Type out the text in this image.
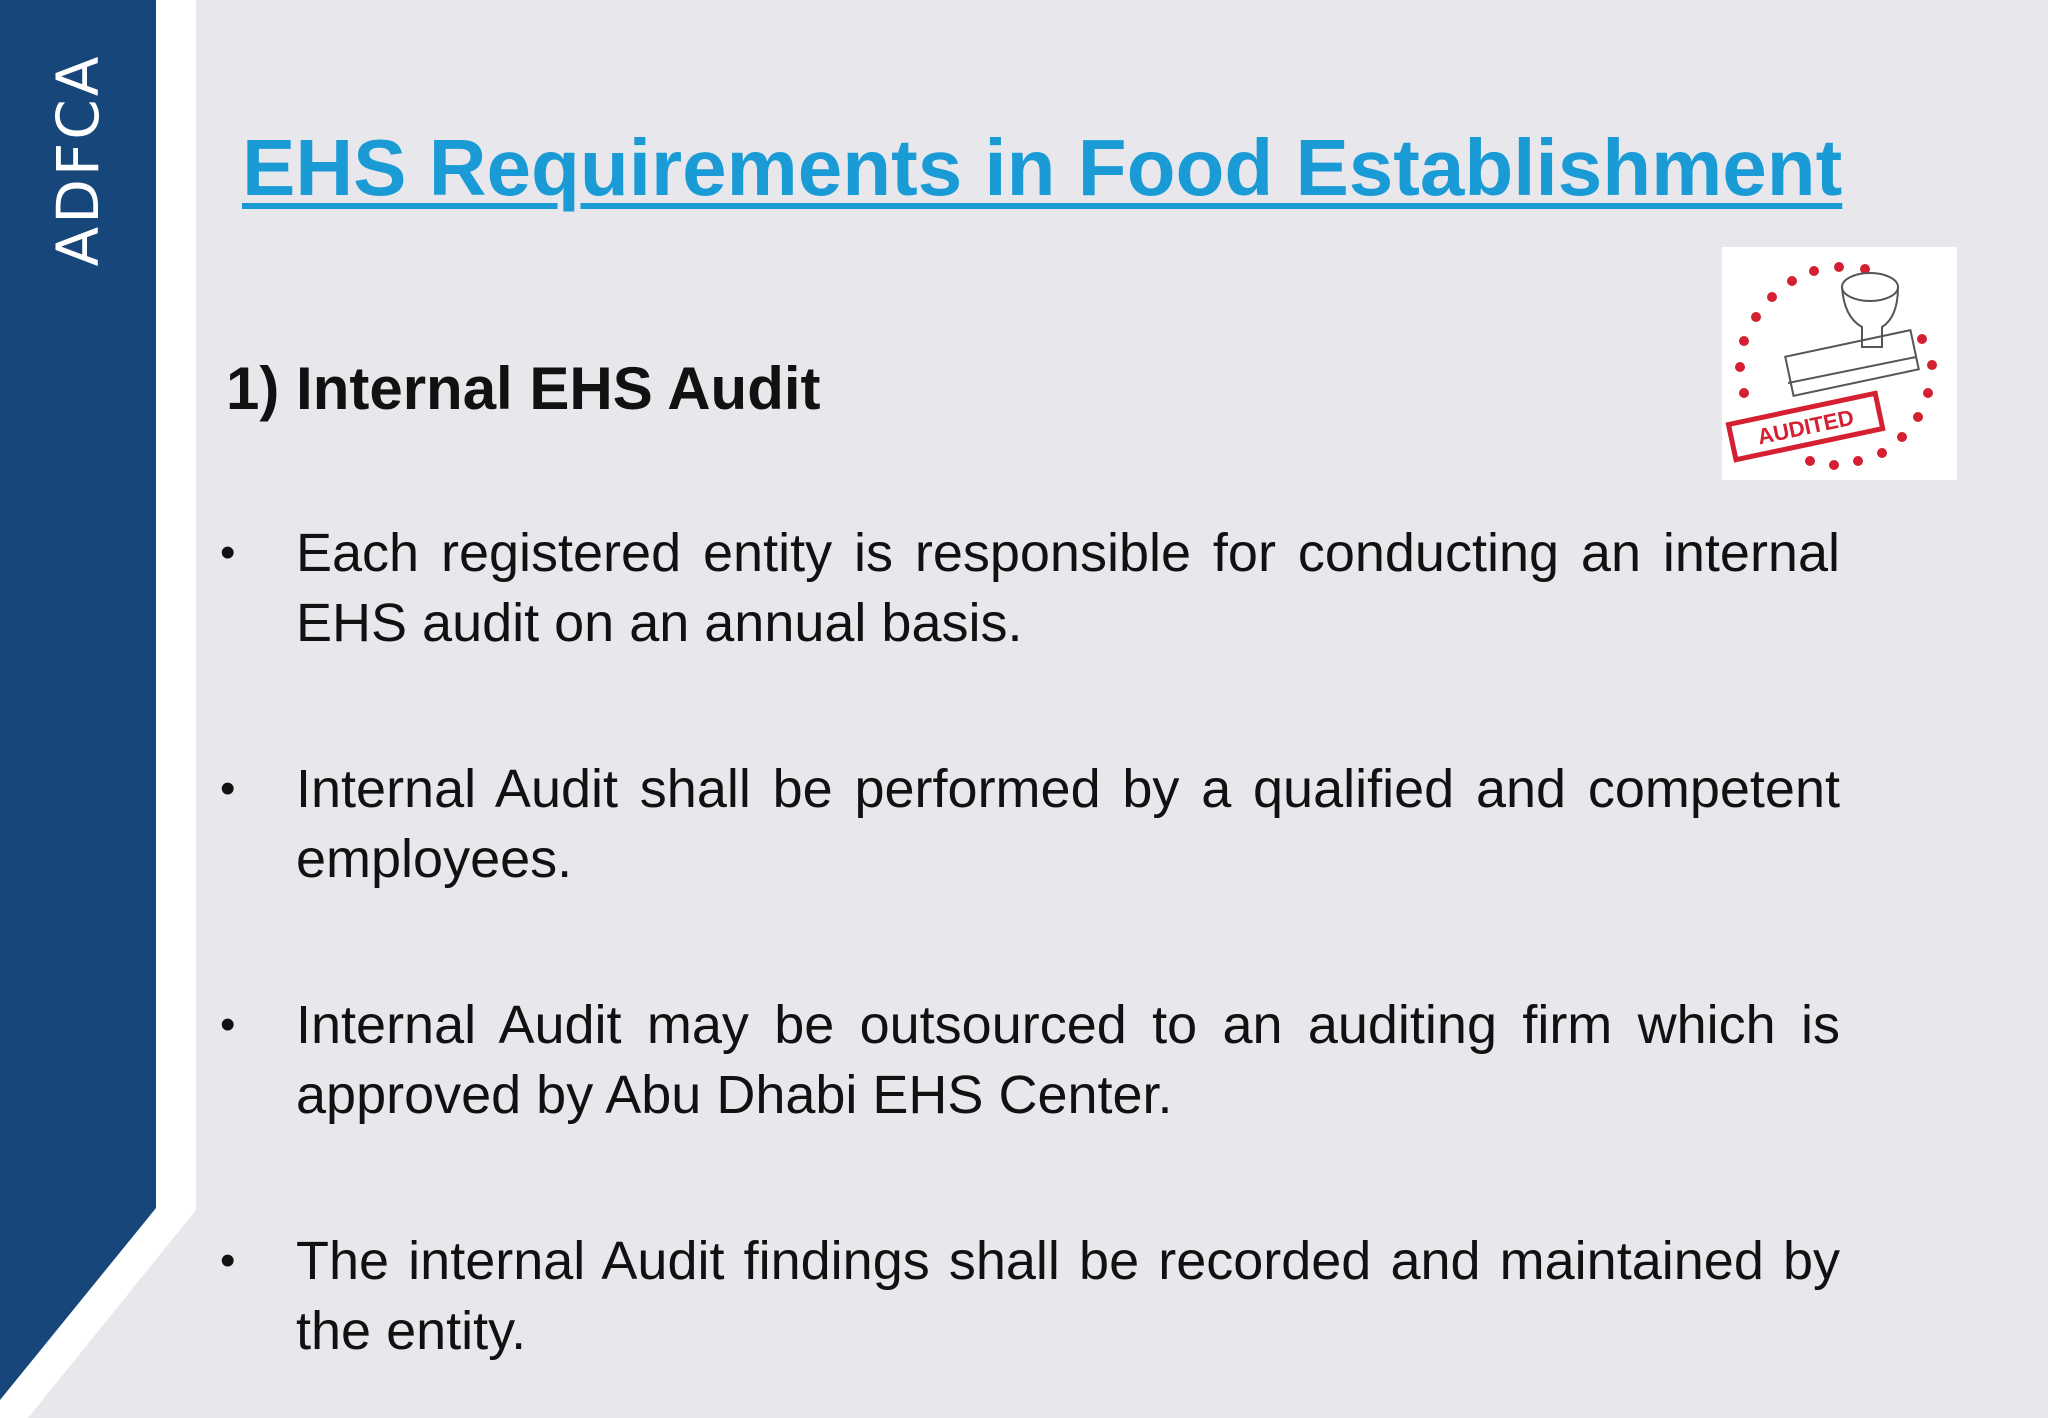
ADFCA EHS Requirements in Food Establishment
AUDITED
1) Internal EHS Audit
•	Each registered entity is responsible for conducting an internal EHS audit on an annual basis.
•	Internal Audit shall be performed by a qualified and competent employees.
•	Internal Audit may be outsourced to an auditing firm which is approved by Abu Dhabi EHS Center.
•	The internal Audit findings shall be recorded and maintained by the entity.
